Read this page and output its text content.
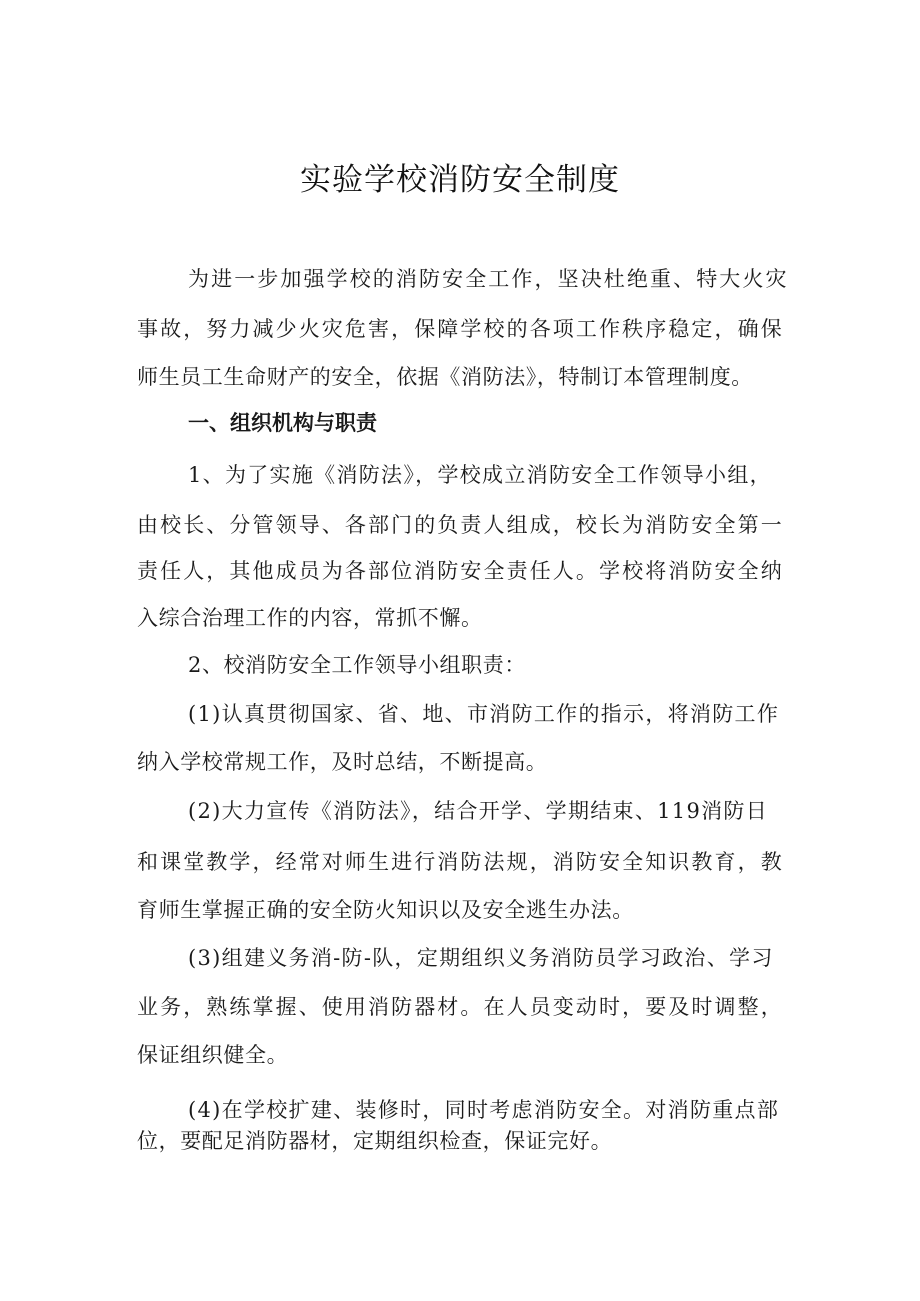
实验学校消防安全制度
为进一步加强学校的消防安全工作，坚决杜绝重、特大火灾
事故，努力减少火灾危害，保障学校的各项工作秩序稳定，确保
师生员工生命财产的安全，依据《消防法》，特制订本管理制度。
一、组织机构与职责
1、为了实施《消防法》，学校成立消防安全工作领导小组，
由校长、分管领导、各部门的负责人组成，校长为消防安全第一
责任人，其他成员为各部位消防安全责任人。学校将消防安全纳
入综合治理工作的内容，常抓不懈。
2、校消防安全工作领导小组职责：
(1)认真贯彻国家、省、地、市消防工作的指示，将消防工作
纳入学校常规工作，及时总结，不断提高。
(2)大力宣传《消防法》，结合开学、学期结束、119消防日
和课堂教学，经常对师生进行消防法规，消防安全知识教育，教
育师生掌握正确的安全防火知识以及安全逃生办法。
(3)组建义务消-防-队，定期组织义务消防员学习政治、学习
业务，熟练掌握、使用消防器材。在人员变动时，要及时调整，
保证组织健全。
(4)在学校扩建、装修时，同时考虑消防安全。对消防重点部
位，要配足消防器材，定期组织检查，保证完好。
